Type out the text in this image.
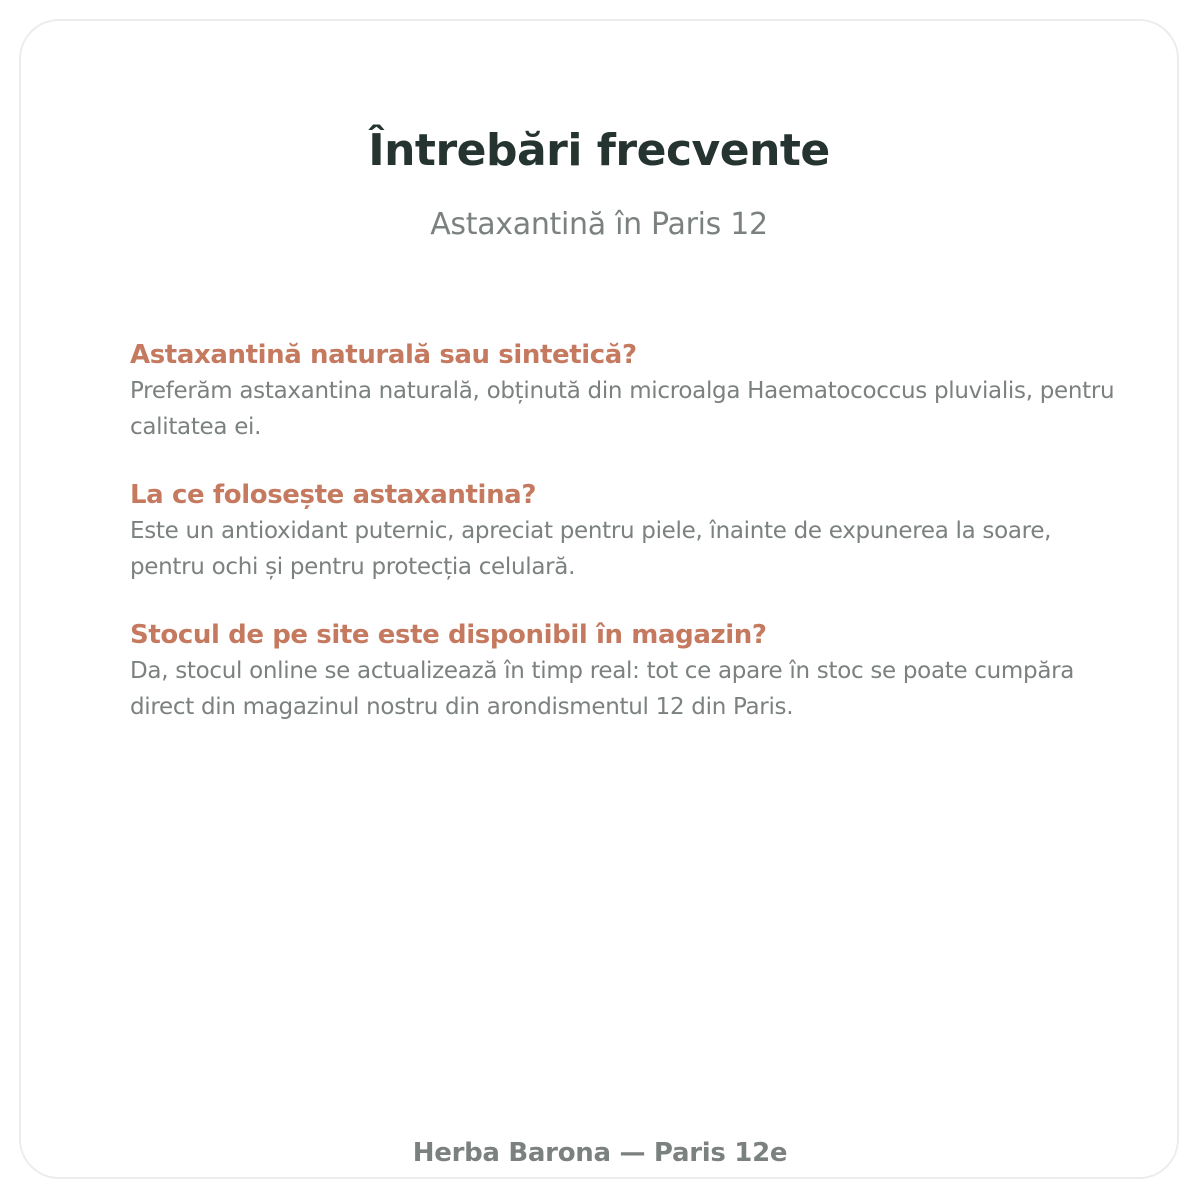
Întrebări frecvente
Astaxantină în Paris 12
Astaxantină naturală sau sintetică?
Preferăm astaxantina naturală, obținută din microalga Haematococcus pluvialis, pentru calitatea ei.
La ce folosește astaxantina?
Este un antioxidant puternic, apreciat pentru piele, înainte de expunerea la soare, pentru ochi și pentru protecția celulară.
Stocul de pe site este disponibil în magazin?
Da, stocul online se actualizează în timp real: tot ce apare în stoc se poate cumpăra direct din magazinul nostru din arondismentul 12 din Paris.
Herba Barona — Paris 12e
